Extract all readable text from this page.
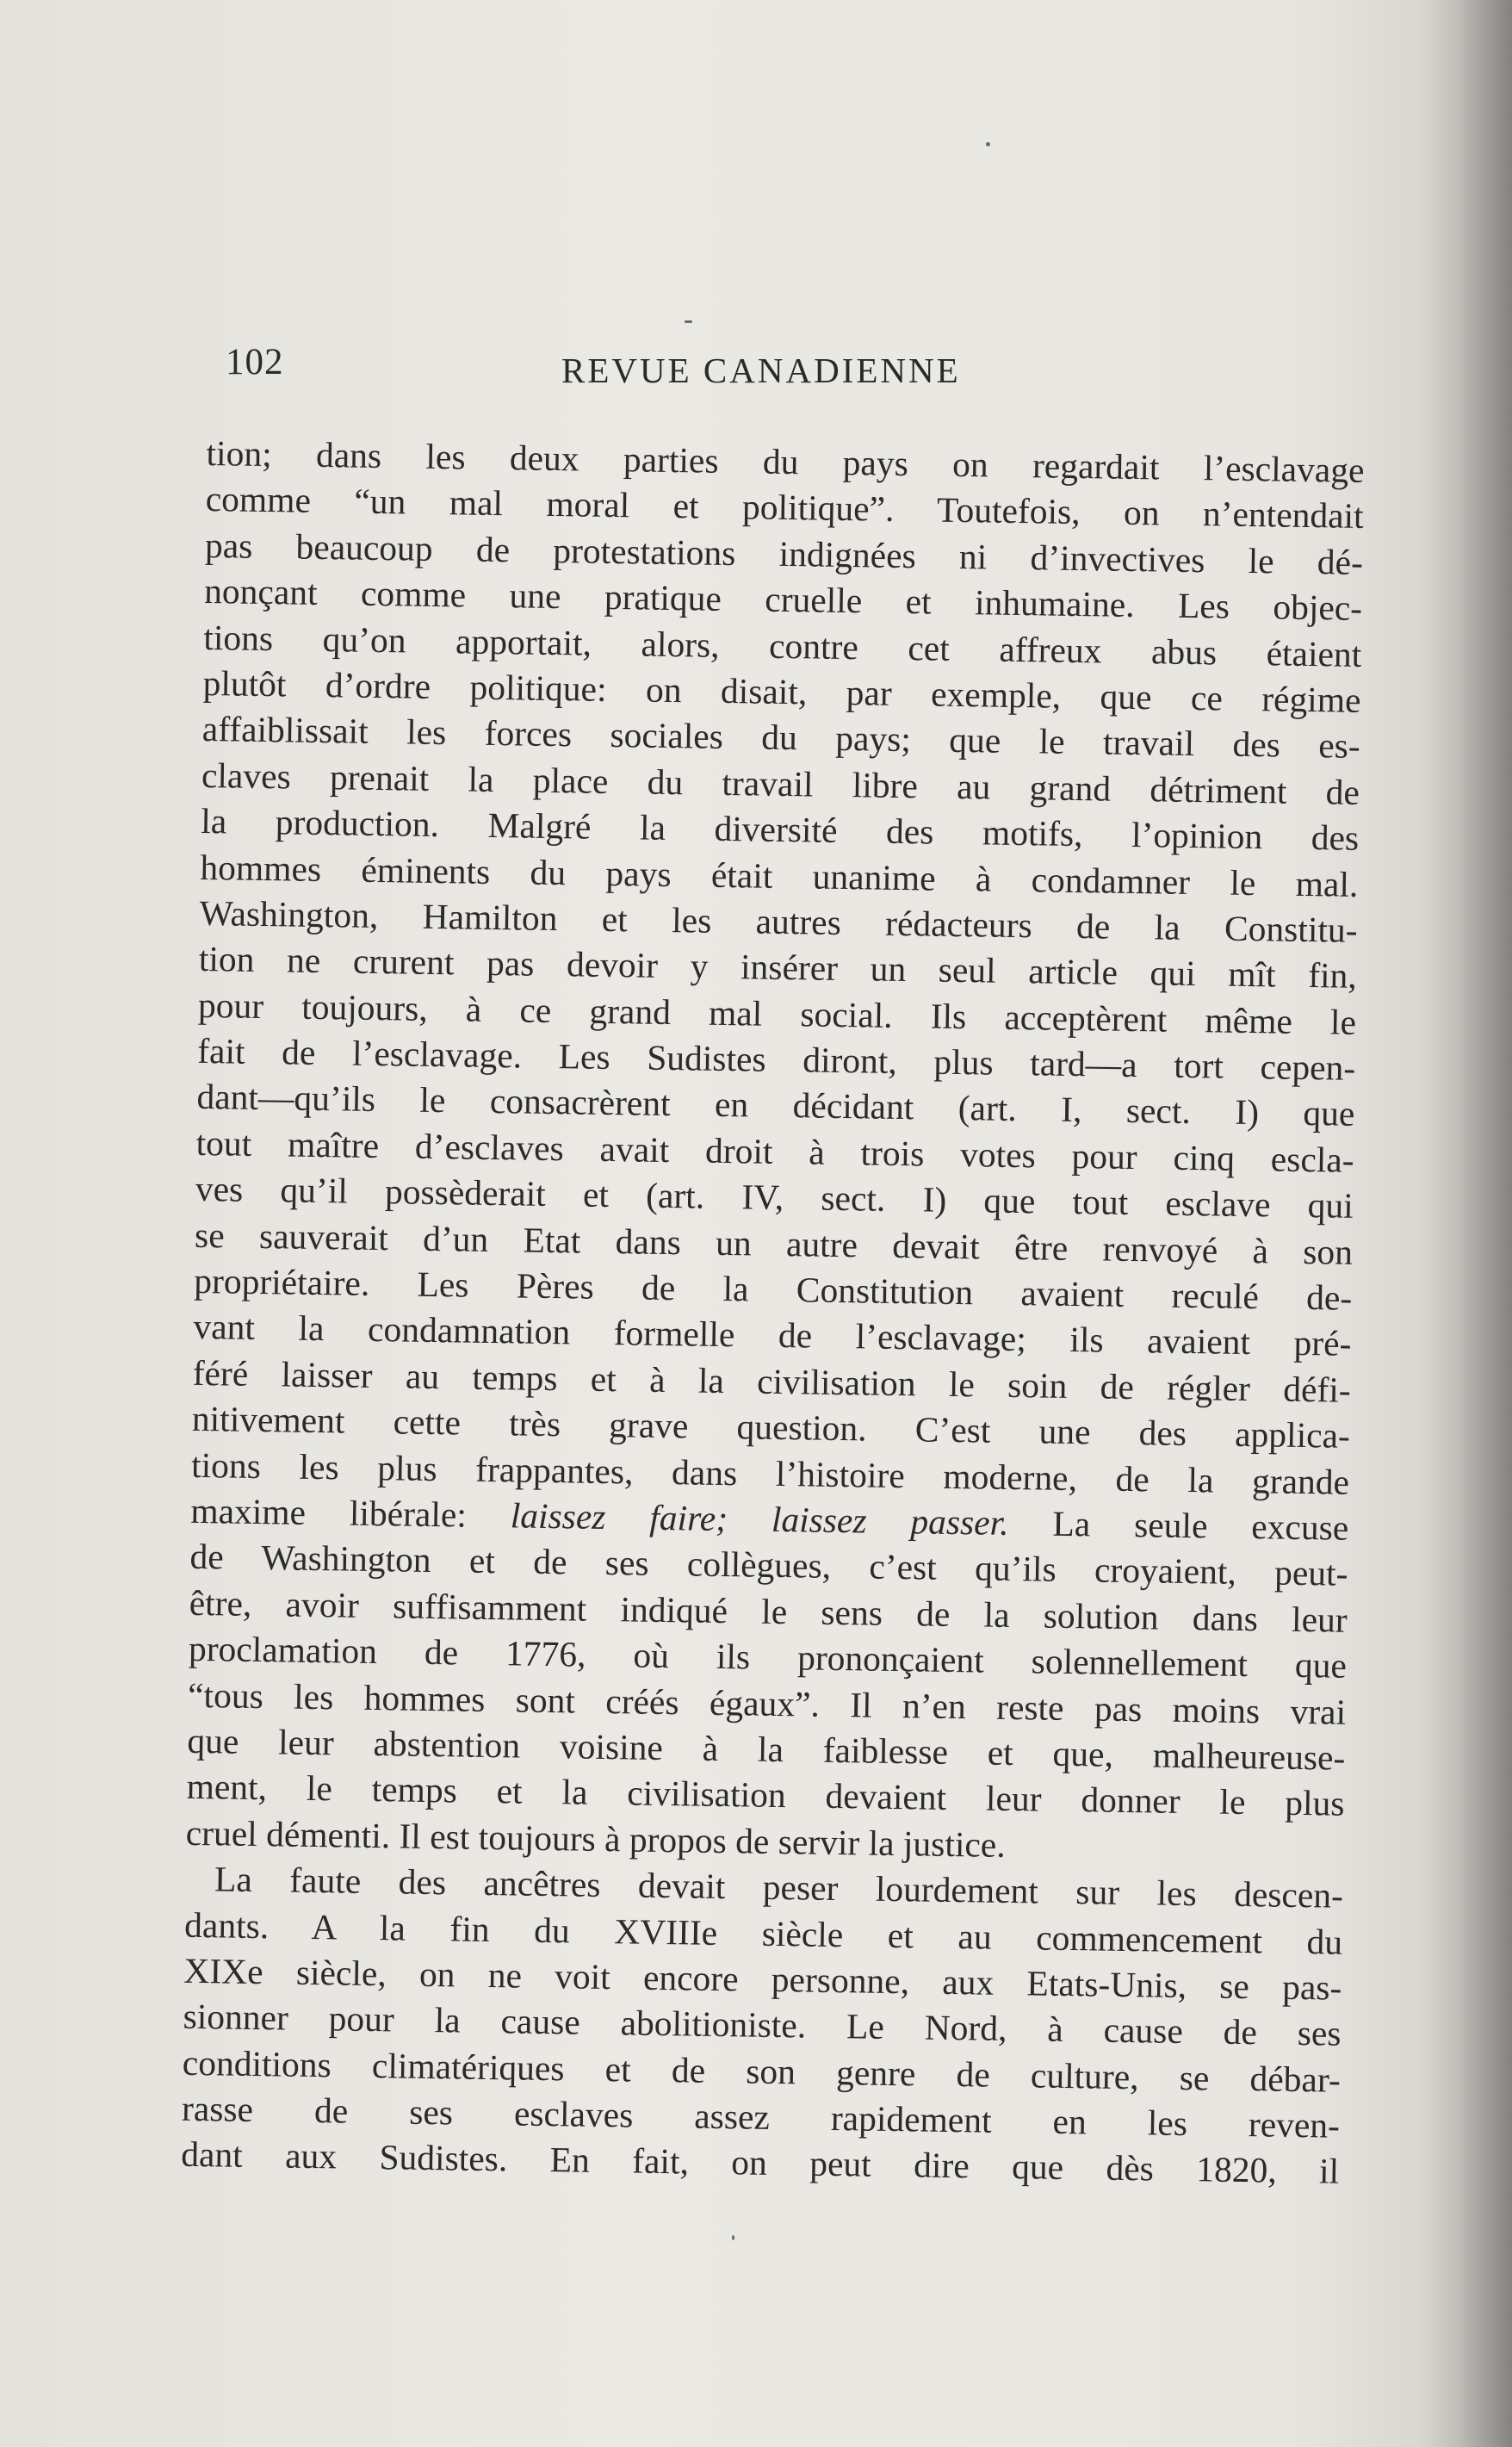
102	REVUE CANADIENNE
tion; dans les deux parties du pays on regardait l’esclavage
comme “un mal moral et politique”. Toutefois, on n’entendait
pas beaucoup de protestations indignées ni d’invectives le dé-
nonçant comme une pratique cruelle et inhumaine. Les objec-
tions qu’on apportait, alors, contre cet affreux abus étaient
plutôt d’ordre politique: on disait, par exemple, que ce régime
affaiblissait les forces sociales du pays; que le travail des es-
claves prenait la place du travail libre au grand détriment de
la production. Malgré la diversité des motifs, l’opinion des
hommes éminents du pays était unanime à condamner le mal.
Washington, Hamilton et les autres rédacteurs de la Constitu-
tion ne crurent pas devoir y insérer un seul article qui mît fin,
pour toujours, à ce grand mal social. Ils acceptèrent même le
fait de l’esclavage. Les Sudistes diront, plus tard—a tort cepen-
dant—qu’ils le consacrèrent en décidant (art. I, sect. I) que
tout maître d’esclaves avait droit à trois votes pour cinq escla-
ves qu’il possèderait et (art. IV, sect. I) que tout esclave qui
se sauverait d’un Etat dans un autre devait être renvoyé à son
propriétaire. Les Pères de la Constitution avaient reculé de-
vant la condamnation formelle de l’esclavage; ils avaient pré-
féré laisser au temps et à la civilisation le soin de régler défi-
nitivement cette très grave question. C’est une des applica-
tions les plus frappantes, dans l’histoire moderne, de la grande
maxime libérale: laissez faire; laissez passer. La seule excuse
de Washington et de ses collègues, c’est qu’ils croyaient, peut-
être, avoir suffisamment indiqué le sens de la solution dans leur
proclamation de 1776, où ils prononçaient solennellement que
“tous les hommes sont créés égaux”. Il n’en reste pas moins vrai
que leur abstention voisine à la faiblesse et que, malheureuse-
ment, le temps et la civilisation devaient leur donner le plus
cruel démenti. Il est toujours à propos de servir la justice.
La faute des ancêtres devait peser lourdement sur les descen-
dants. A la fin du XVIIIe siècle et au commencement du
XIXe siècle, on ne voit encore personne, aux Etats-Unis, se pas-
sionner pour la cause abolitioniste. Le Nord, à cause de ses
conditions climatériques et de son genre de culture, se débar-
rasse de ses esclaves assez rapidement en les reven-
dant aux Sudistes. En fait, on peut dire que dès 1820, il
